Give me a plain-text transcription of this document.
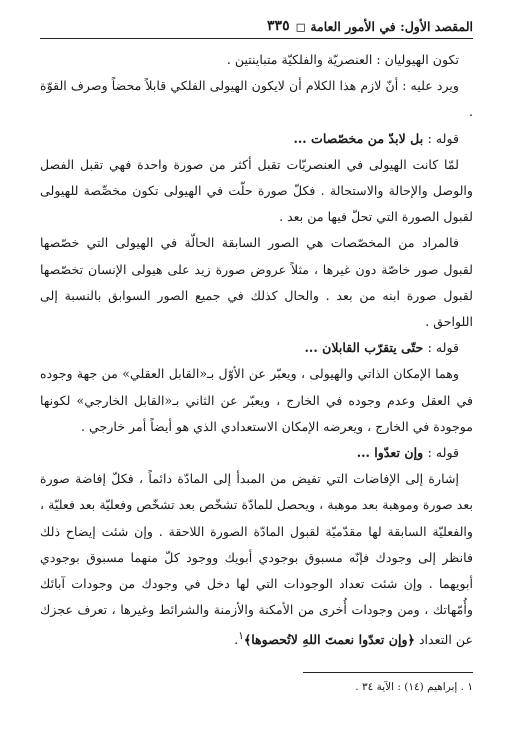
المقصد الأول: في الأمور العامة ◻
٣٣٥

تكون الهيوليان : العنصريّة والفلكيّة متباينتين .

ويرد عليه : أنّ لازم هذا الكلام أن لايكون الهيولى الفلكي قابلاً محضاً وصرف القوّة .

قوله : بل لابدّ من مخصّصات ...

لمّا كانت الهيولى في العنصريّات تقبل أكثر من صورة واحدة فهي تقبل الفصل والوصل والإحالة والاستحالة . فكلّ صورة حلّت في الهيولى تكون مخصِّصة للهيولى لقبول الصورة التي تحلّ فيها من بعد .

فالمراد من المخصّصات هي الصور السابقة الحالّة في الهيولى التي خصّصها لقبول صور خاصّة دون غيرها ، مثلاً عروض صورة زيد على هيولى الإنسان تخصّصها لقبول صورة ابنه من بعد . والحال كذلك في جميع الصور السوابق بالنسبة إلى اللواحق .

قوله : حتّى يتقرّب القابلان ...

وهما الإمكان الذاتي والهيولى ، ويعبّر عن الأوّل بـ«القابل العقلي» من جهة وجوده في العقل وعدم وجوده في الخارج ، ويعبّر عن الثاني بـ«القابل الخارجي» لكونها موجودة في الخارج ، ويعرضه الإمكان الاستعدادي الذي هو أيضاً أمر خارجي .

قوله : وإن تعدّوا ...

إشارة إلى الإفاضات التي تفيض من المبدأ إلى المادّة دائماً ، فكلّ إفاضة صورة بعد صورة وموهبة بعد موهبة ، ويحصل للمادّة تشخّص بعد تشخّص وفعليّة بعد فعليّة ، والفعليّة السابقة لها مقدّميّة لقبول المادّة الصورة اللاحقة . وإن شئت إيضاح ذلك فانظر إلى وجودك فإنّه مسبوق بوجودي أبويك ووجود كلّ منهما مسبوق بوجودي أبويهما . وإن شئت تعداد الوجودات التي لها دخل في وجودك من وجودات آبائك وأُمّهاتك ، ومن وجودات أُخرى من الأمكنة والأزمنة والشرائط وغيرها ، تعرف عجزك عن التعداد ﴿وإن تعدّوا نعمتَ اللهِ لاتُحصوها﴾$^١$.

١ . إبراهيم (١٤) : الآية ٣٤ .
